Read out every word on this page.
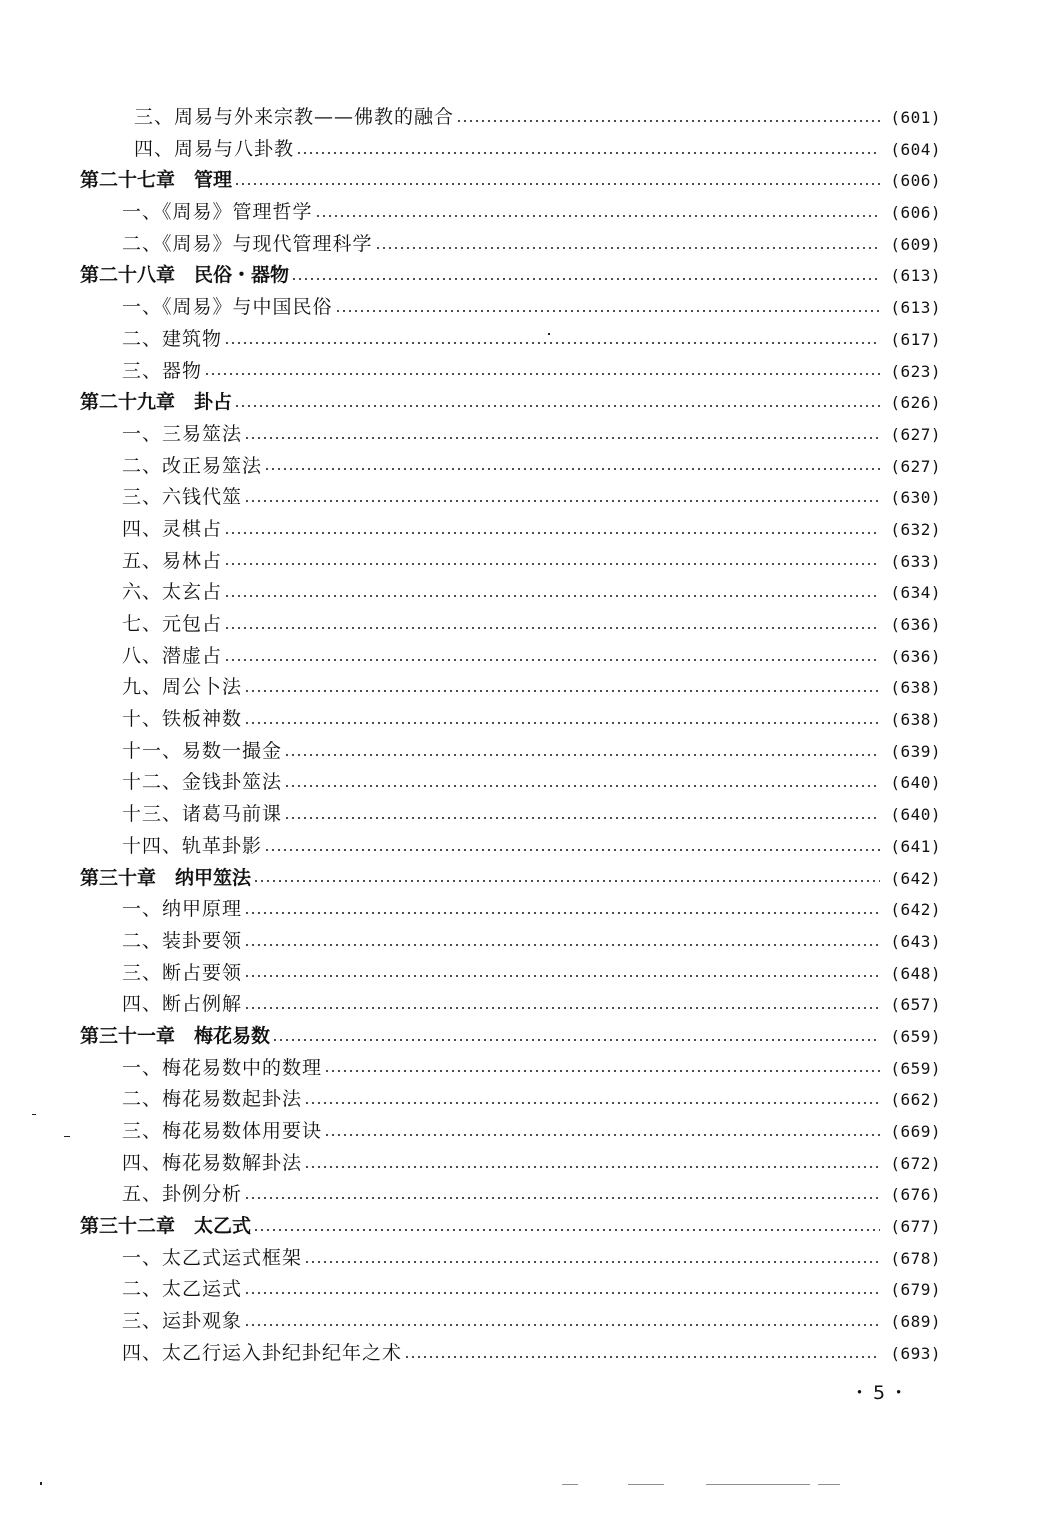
三、周易与外来宗教——佛教的融合	(601)
四、周易与八卦教	(604)
第二十七章　管理	(606)
一、《周易》管理哲学	(606)
二、《周易》与现代管理科学	(609)
第二十八章　民俗・器物	(613)
一、《周易》与中国民俗	(613)
二、建筑物	(617)
三、器物	(623)
第二十九章　卦占	(626)
一、三易筮法	(627)
二、改正易筮法	(627)
三、六钱代筮	(630)
四、灵棋占	(632)
五、易林占	(633)
六、太玄占	(634)
七、元包占	(636)
八、潜虚占	(636)
九、周公卜法	(638)
十、铁板神数	(638)
十一、易数一撮金	(639)
十二、金钱卦筮法	(640)
十三、诸葛马前课	(640)
十四、轨革卦影	(641)
第三十章　纳甲筮法	(642)
一、纳甲原理	(642)
二、装卦要领	(643)
三、断占要领	(648)
四、断占例解	(657)
第三十一章　梅花易数	(659)
一、梅花易数中的数理	(659)
二、梅花易数起卦法	(662)
三、梅花易数体用要诀	(669)
四、梅花易数解卦法	(672)
五、卦例分析	(676)
第三十二章　太乙式	(677)
一、太乙式运式框架	(678)
二、太乙运式	(679)
三、运卦观象	(689)
四、太乙行运入卦纪卦纪年之术	(693)
・5・
